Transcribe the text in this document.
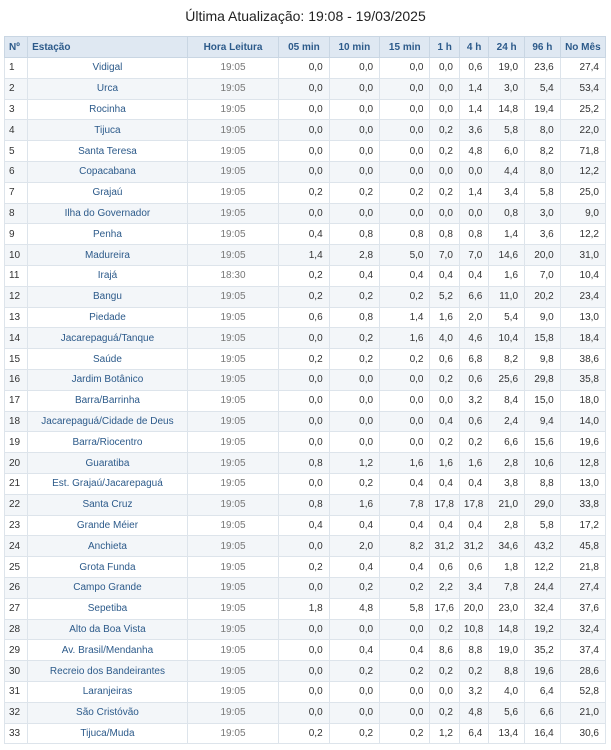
Última Atualização: 19:08 - 19/03/2025
Nº	Estação	Hora Leitura	05 min	10 min	15 min	1 h	4 h	24 h	96 h	No Mês
1	Vidigal	19:05	0,0	0,0	0,0	0,0	0,6	19,0	23,6	27,4
2	Urca	19:05	0,0	0,0	0,0	0,0	1,4	3,0	5,4	53,4
3	Rocinha	19:05	0,0	0,0	0,0	0,0	1,4	14,8	19,4	25,2
4	Tijuca	19:05	0,0	0,0	0,0	0,2	3,6	5,8	8,0	22,0
5	Santa Teresa	19:05	0,0	0,0	0,0	0,2	4,8	6,0	8,2	71,8
6	Copacabana	19:05	0,0	0,0	0,0	0,0	0,0	4,4	8,0	12,2
7	Grajaú	19:05	0,2	0,2	0,2	0,2	1,4	3,4	5,8	25,0
8	Ilha do Governador	19:05	0,0	0,0	0,0	0,0	0,0	0,8	3,0	9,0
9	Penha	19:05	0,4	0,8	0,8	0,8	0,8	1,4	3,6	12,2
10	Madureira	19:05	1,4	2,8	5,0	7,0	7,0	14,6	20,0	31,0
11	Irajá	18:30	0,2	0,4	0,4	0,4	0,4	1,6	7,0	10,4
12	Bangu	19:05	0,2	0,2	0,2	5,2	6,6	11,0	20,2	23,4
13	Piedade	19:05	0,6	0,8	1,4	1,6	2,0	5,4	9,0	13,0
14	Jacarepaguá/Tanque	19:05	0,0	0,2	1,6	4,0	4,6	10,4	15,8	18,4
15	Saúde	19:05	0,2	0,2	0,2	0,6	6,8	8,2	9,8	38,6
16	Jardim Botânico	19:05	0,0	0,0	0,0	0,2	0,6	25,6	29,8	35,8
17	Barra/Barrinha	19:05	0,0	0,0	0,0	0,0	3,2	8,4	15,0	18,0
18	Jacarepaguá/Cidade de Deus	19:05	0,0	0,0	0,0	0,4	0,6	2,4	9,4	14,0
19	Barra/Riocentro	19:05	0,0	0,0	0,0	0,2	0,2	6,6	15,6	19,6
20	Guaratiba	19:05	0,8	1,2	1,6	1,6	1,6	2,8	10,6	12,8
21	Est. Grajaú/Jacarepaguá	19:05	0,0	0,2	0,4	0,4	0,4	3,8	8,8	13,0
22	Santa Cruz	19:05	0,8	1,6	7,8	17,8	17,8	21,0	29,0	33,8
23	Grande Méier	19:05	0,4	0,4	0,4	0,4	0,4	2,8	5,8	17,2
24	Anchieta	19:05	0,0	2,0	8,2	31,2	31,2	34,6	43,2	45,8
25	Grota Funda	19:05	0,2	0,4	0,4	0,6	0,6	1,8	12,2	21,8
26	Campo Grande	19:05	0,0	0,2	0,2	2,2	3,4	7,8	24,4	27,4
27	Sepetiba	19:05	1,8	4,8	5,8	17,6	20,0	23,0	32,4	37,6
28	Alto da Boa Vista	19:05	0,0	0,0	0,0	0,2	10,8	14,8	19,2	32,4
29	Av. Brasil/Mendanha	19:05	0,0	0,4	0,4	8,6	8,8	19,0	35,2	37,4
30	Recreio dos Bandeirantes	19:05	0,0	0,2	0,2	0,2	0,2	8,8	19,6	28,6
31	Laranjeiras	19:05	0,0	0,0	0,0	0,0	3,2	4,0	6,4	52,8
32	São Cristóvão	19:05	0,0	0,0	0,0	0,2	4,8	5,6	6,6	21,0
33	Tijuca/Muda	19:05	0,2	0,2	0,2	1,2	6,4	13,4	16,4	30,6
